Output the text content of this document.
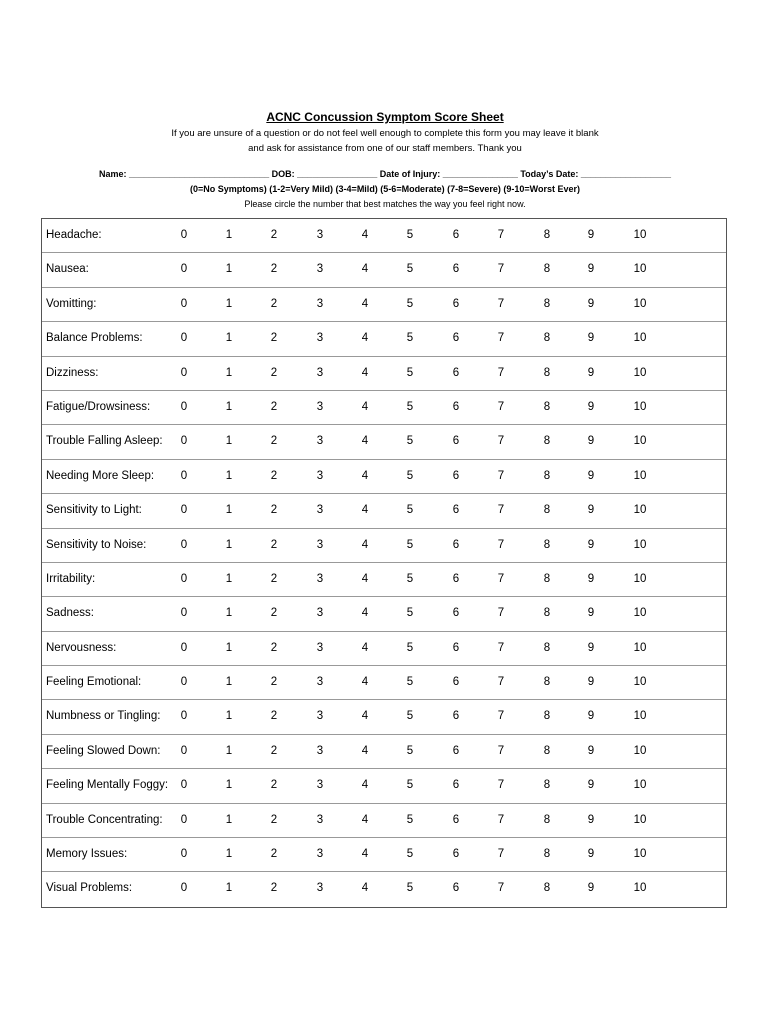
ACNC Concussion Symptom Score Sheet
If you are unsure of a question or do not feel well enough to complete this form you may leave it blank
and ask for assistance from one of our staff members. Thank you
Name: ____________________________ DOB: ________________ Date of Injury: _______________ Today’s Date: __________________
(0=No Symptoms) (1-2=Very Mild) (3-4=Mild) (5-6=Moderate) (7-8=Severe) (9-10=Worst Ever)
Please circle the number that best matches the way you feel right now.
Headache:	0	1	2	3	4	5	6	7	8	9	10
Nausea:	0	1	2	3	4	5	6	7	8	9	10
Vomitting:	0	1	2	3	4	5	6	7	8	9	10
Balance Problems:	0	1	2	3	4	5	6	7	8	9	10
Dizziness:	0	1	2	3	4	5	6	7	8	9	10
Fatigue/Drowsiness:	0	1	2	3	4	5	6	7	8	9	10
Trouble Falling Asleep:	0	1	2	3	4	5	6	7	8	9	10
Needing More Sleep:	0	1	2	3	4	5	6	7	8	9	10
Sensitivity to Light:	0	1	2	3	4	5	6	7	8	9	10
Sensitivity to Noise:	0	1	2	3	4	5	6	7	8	9	10
Irritability:	0	1	2	3	4	5	6	7	8	9	10
Sadness:	0	1	2	3	4	5	6	7	8	9	10
Nervousness:	0	1	2	3	4	5	6	7	8	9	10
Feeling Emotional:	0	1	2	3	4	5	6	7	8	9	10
Numbness or Tingling:	0	1	2	3	4	5	6	7	8	9	10
Feeling Slowed Down:	0	1	2	3	4	5	6	7	8	9	10
Feeling Mentally Foggy:	0	1	2	3	4	5	6	7	8	9	10
Trouble Concentrating:	0	1	2	3	4	5	6	7	8	9	10
Memory Issues:	0	1	2	3	4	5	6	7	8	9	10
Visual Problems:	0	1	2	3	4	5	6	7	8	9	10
